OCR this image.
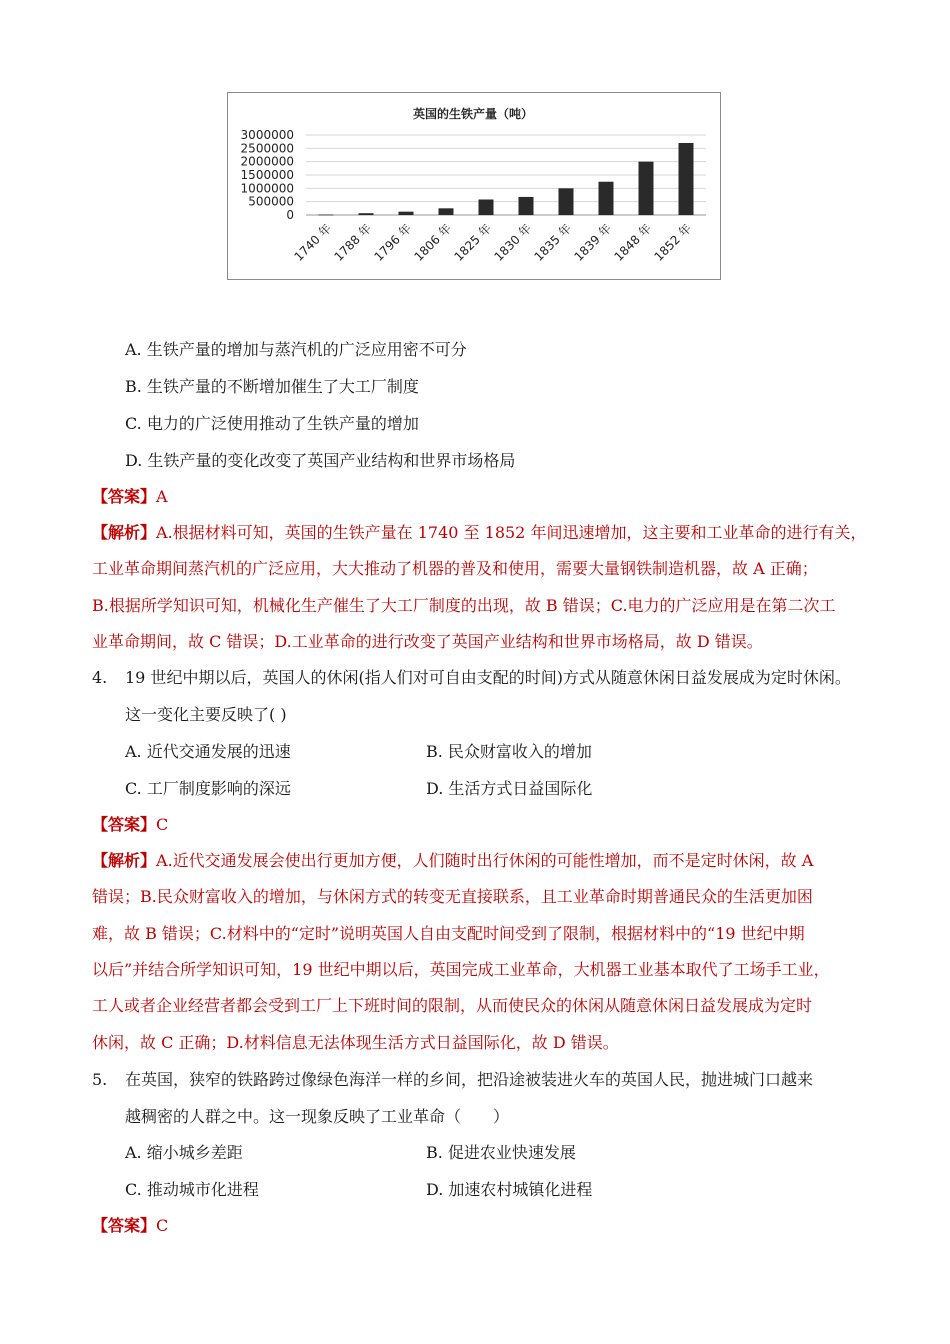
英国的生铁产量（吨）
3000000
2500000
2000000
1500000
1000000
500000
0
1740 年
1788 年
1796 年
1806 年
1825 年
1830 年
1835 年
1839 年
1848 年
1852 年
A. 生铁产量的增加与蒸汽机的广泛应用密不可分
B. 生铁产量的不断增加催生了大工厂制度
C. 电力的广泛使用推动了生铁产量的增加
D. 生铁产量的变化改变了英国产业结构和世界市场格局
【答案】A
【解析】A.根据材料可知，英国的生铁产量在 1740 至 1852 年间迅速增加，这主要和工业革命的进行有关，
工业革命期间蒸汽机的广泛应用，大大推动了机器的普及和使用，需要大量钢铁制造机器，故 A 正确；
B.根据所学知识可知，机械化生产催生了大工厂制度的出现，故 B 错误；C.电力的广泛应用是在第二次工
业革命期间，故 C 错误；D.工业革命的进行改变了英国产业结构和世界市场格局，故 D 错误。
4. 19 世纪中期以后，英国人的休闲(指人们对可自由支配的时间)方式从随意休闲日益发展成为定时休闲。
这一变化主要反映了( )
A. 近代交通发展的迅速	B. 民众财富收入的增加
C. 工厂制度影响的深远	D. 生活方式日益国际化
【答案】C
【解析】A.近代交通发展会使出行更加方便，人们随时出行休闲的可能性增加，而不是定时休闲，故 A
错误；B.民众财富收入的增加，与休闲方式的转变无直接联系，且工业革命时期普通民众的生活更加困
难，故 B 错误；C.材料中的“定时”说明英国人自由支配时间受到了限制，根据材料中的“19 世纪中期
以后”并结合所学知识可知，19 世纪中期以后，英国完成工业革命，大机器工业基本取代了工场手工业，
工人或者企业经营者都会受到工厂上下班时间的限制，从而使民众的休闲从随意休闲日益发展成为定时
休闲，故 C 正确；D.材料信息无法体现生活方式日益国际化，故 D 错误。
5. 在英国，狭窄的铁路跨过像绿色海洋一样的乡间，把沿途被装进火车的英国人民，抛进城门口越来
越稠密的人群之中。这一现象反映了工业革命（　　）
A. 缩小城乡差距	B. 促进农业快速发展
C. 推动城市化进程	D. 加速农村城镇化进程
【答案】C
